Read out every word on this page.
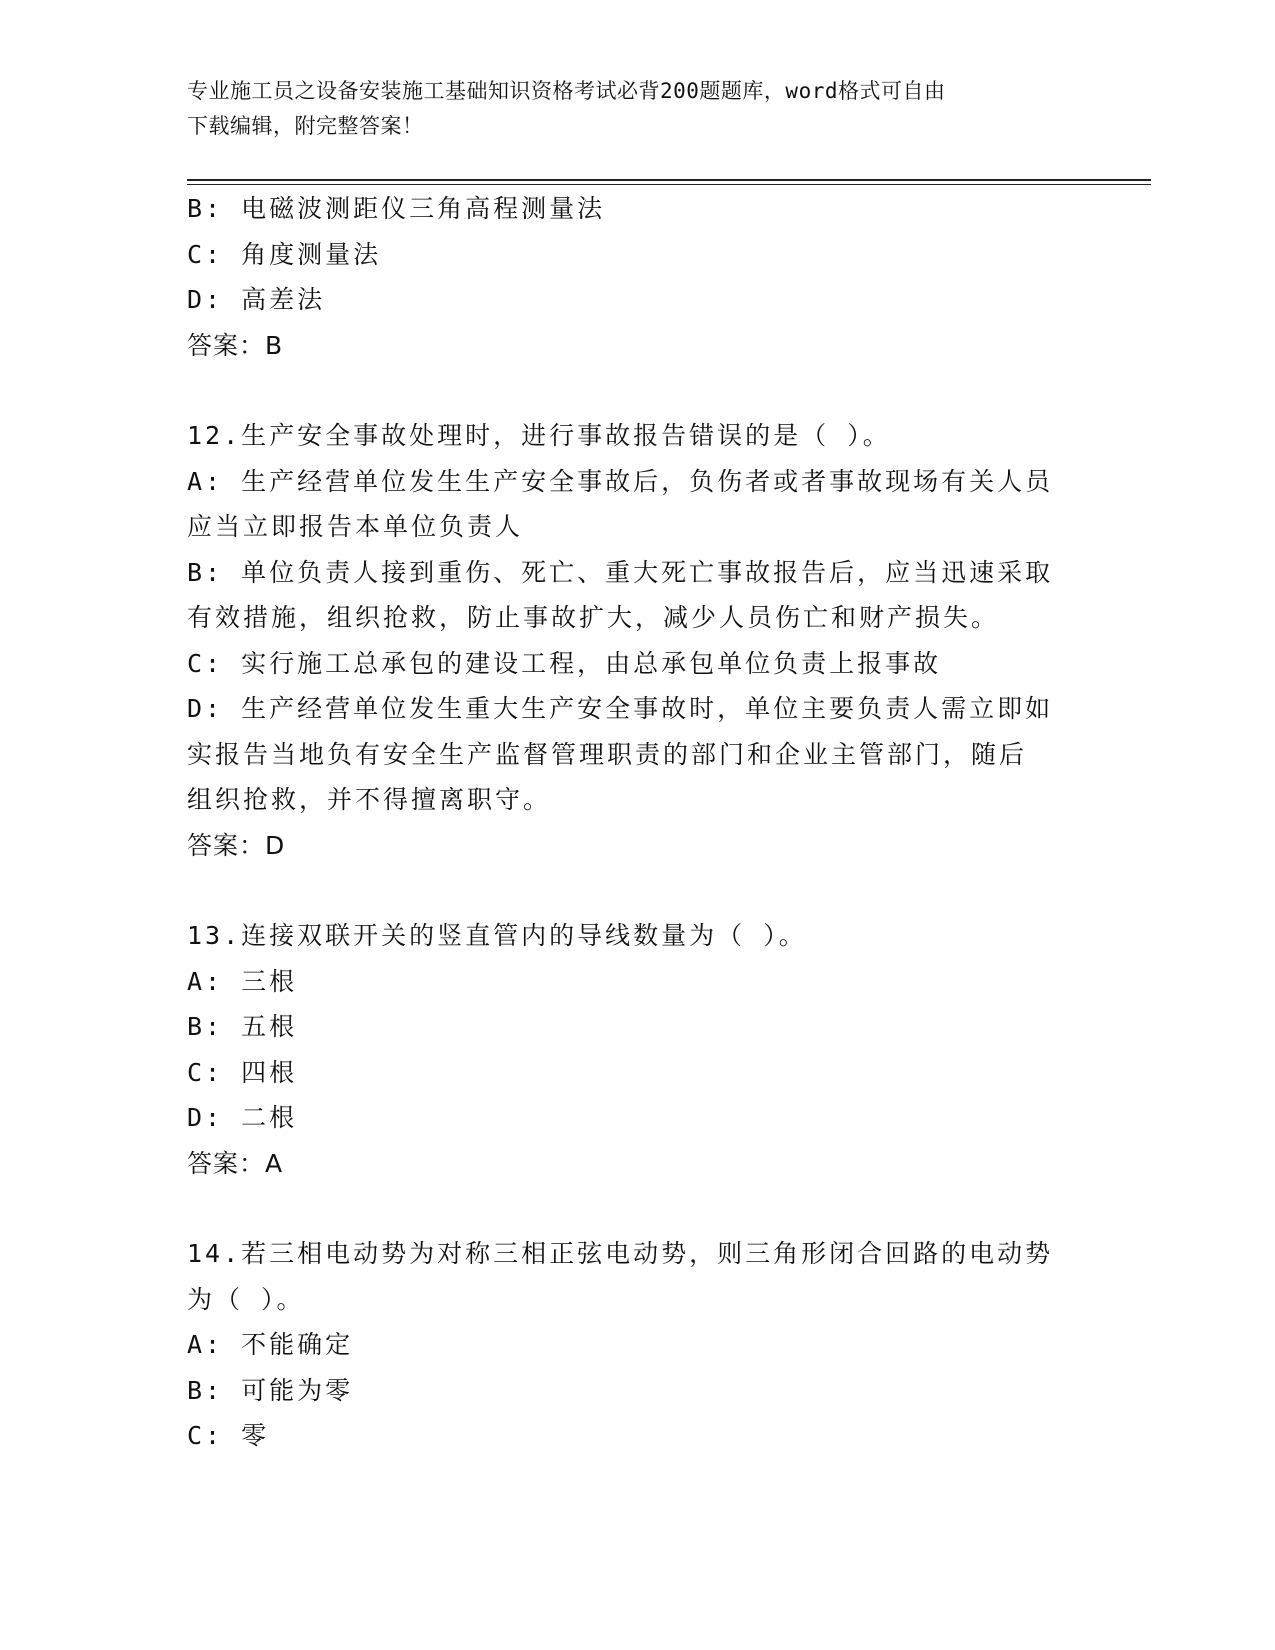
专业施工员之设备安装施工基础知识资格考试必背200题题库，word格式可自由
下载编辑，附完整答案！
B: 电磁波测距仪三角高程测量法
C: 角度测量法
D: 高差法
答案：B
12.生产安全事故处理时，进行事故报告错误的是（ ）。
A: 生产经营单位发生生产安全事故后，负伤者或者事故现场有关人员
应当立即报告本单位负责人
B: 单位负责人接到重伤、死亡、重大死亡事故报告后，应当迅速采取
有效措施，组织抢救，防止事故扩大，减少人员伤亡和财产损失。
C: 实行施工总承包的建设工程，由总承包单位负责上报事故
D: 生产经营单位发生重大生产安全事故时，单位主要负责人需立即如
实报告当地负有安全生产监督管理职责的部门和企业主管部门，随后
组织抢救，并不得擅离职守。
答案：D
13.连接双联开关的竖直管内的导线数量为（ ）。
A: 三根
B: 五根
C: 四根
D: 二根
答案：A
14.若三相电动势为对称三相正弦电动势，则三角形闭合回路的电动势
为（ ）。
A: 不能确定
B: 可能为零
C: 零
